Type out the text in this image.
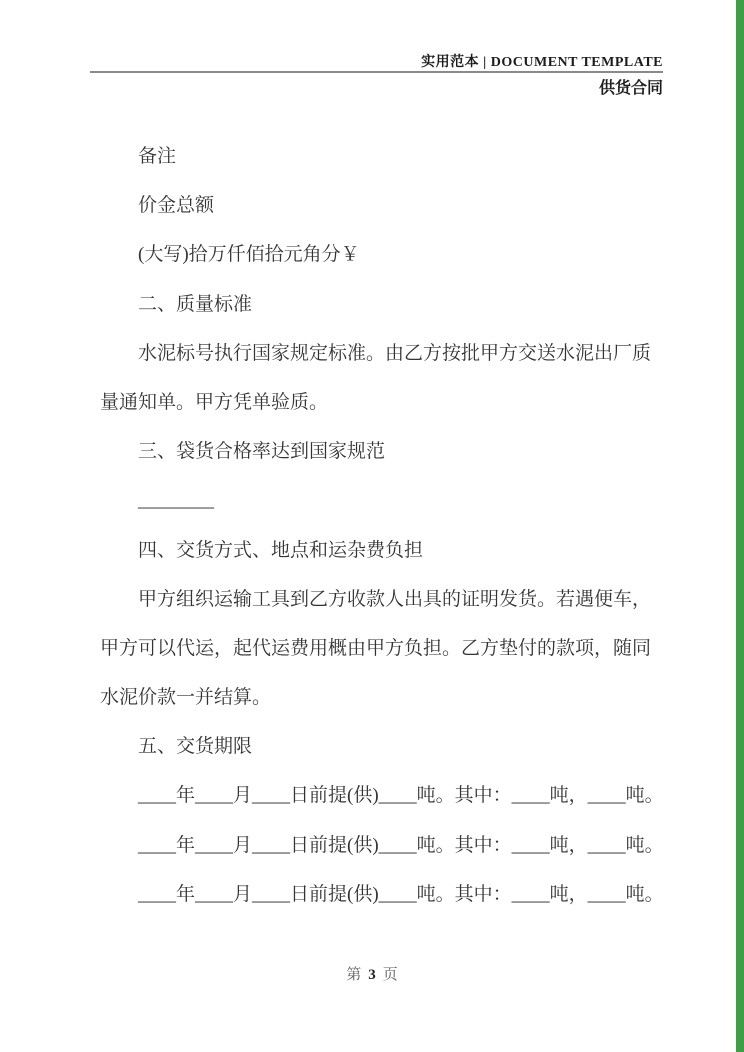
实用范本 | DOCUMENT TEMPLATE
供货合同
备注
价金总额
(大写)拾万仟佰拾元角分￥
二、质量标准
水泥标号执行国家规定标准。由乙方按批甲方交送水泥出厂质
量通知单。甲方凭单验质。
三、袋货合格率达到国家规范
________
四、交货方式、地点和运杂费负担
甲方组织运输工具到乙方收款人出具的证明发货。若遇便车，
甲方可以代运，起代运费用概由甲方负担。乙方垫付的款项，随同
水泥价款一并结算。
五、交货期限
____年____月____日前提(供)____吨。其中：____吨，____吨。
____年____月____日前提(供)____吨。其中：____吨，____吨。
____年____月____日前提(供)____吨。其中：____吨，____吨。
第 3 页
